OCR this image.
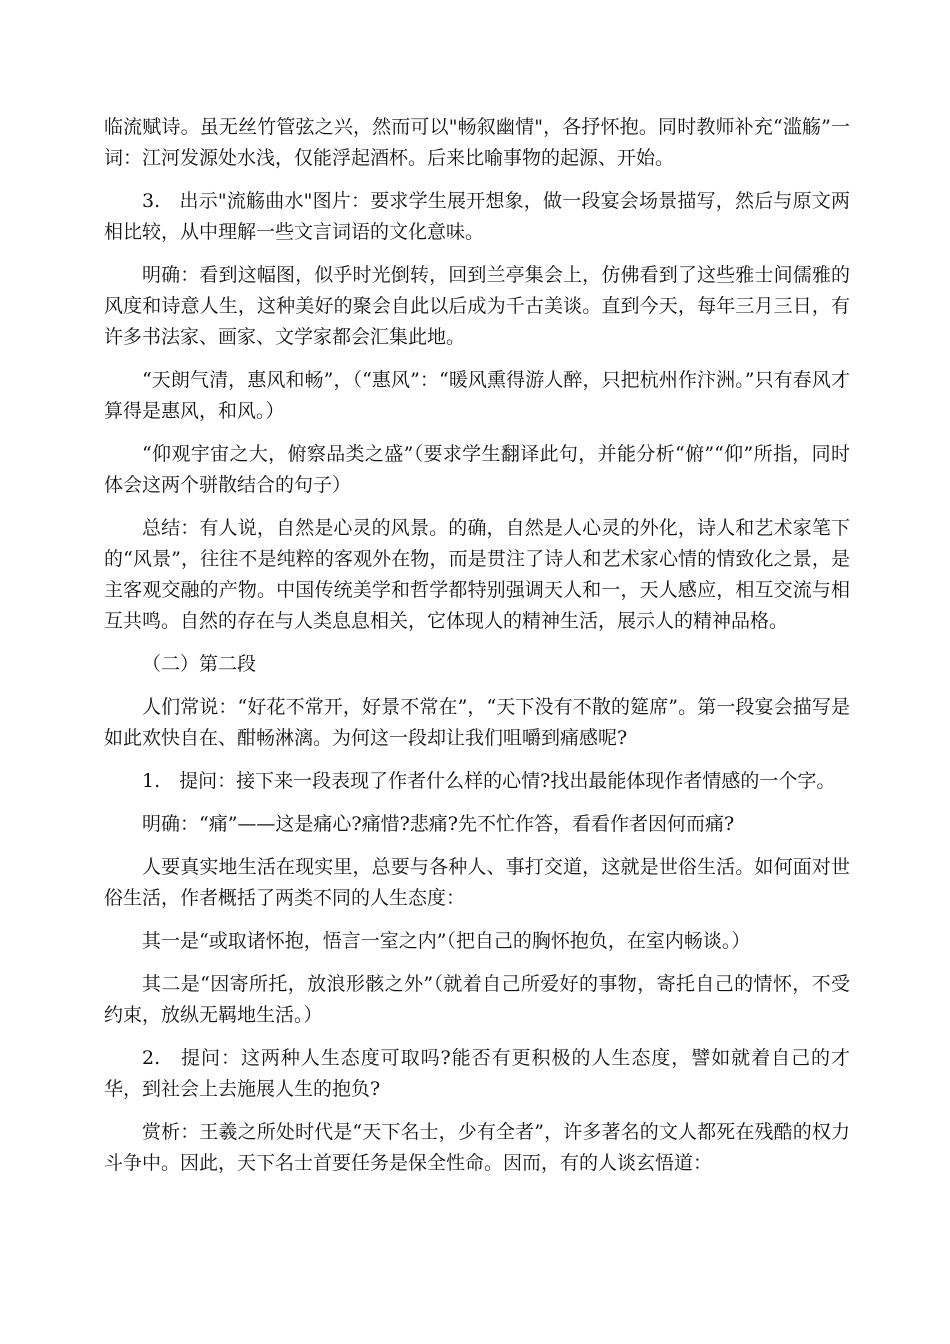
临流赋诗。虽无丝竹管弦之兴，然而可以"畅叙幽情"，各抒怀抱。同时教师补充“滥觞”一词：江河发源处水浅，仅能浮起酒杯。后来比喻事物的起源、开始。

3.　出示"流觞曲水"图片：要求学生展开想象，做一段宴会场景描写，然后与原文两相比较，从中理解一些文言词语的文化意味。

明确：看到这幅图，似乎时光倒转，回到兰亭集会上，仿佛看到了这些雅士间儒雅的风度和诗意人生，这种美好的聚会自此以后成为千古美谈。直到今天，每年三月三日，有许多书法家、画家、文学家都会汇集此地。

“天朗气清，惠风和畅”，（“惠风”：“暖风熏得游人醉，只把杭州作汴洲。”只有春风才算得是惠风，和风。）

“仰观宇宙之大，俯察品类之盛”（要求学生翻译此句，并能分析“俯”“仰”所指，同时体会这两个骈散结合的句子）

总结：有人说，自然是心灵的风景。的确，自然是人心灵的外化，诗人和艺术家笔下的“风景”，往往不是纯粹的客观外在物，而是贯注了诗人和艺术家心情的情致化之景，是主客观交融的产物。中国传统美学和哲学都特别强调天人和一，天人感应，相互交流与相互共鸣。自然的存在与人类息息相关，它体现人的精神生活，展示人的精神品格。

（二）第二段

人们常说：“好花不常开，好景不常在”，“天下没有不散的筵席”。第一段宴会描写是如此欢快自在、酣畅淋漓。为何这一段却让我们咀嚼到痛感呢?

1.　提问：接下来一段表现了作者什么样的心情?找出最能体现作者情感的一个字。

明确：“痛”——这是痛心?痛惜?悲痛?先不忙作答，看看作者因何而痛?

人要真实地生活在现实里，总要与各种人、事打交道，这就是世俗生活。如何面对世俗生活，作者概括了两类不同的人生态度：

其一是“或取诸怀抱，悟言一室之内”（把自己的胸怀抱负，在室内畅谈。）

其二是“因寄所托，放浪形骸之外”（就着自己所爱好的事物，寄托自己的情怀，不受约束，放纵无羁地生活。）

2.　提问：这两种人生态度可取吗?能否有更积极的人生态度，譬如就着自己的才华，到社会上去施展人生的抱负?

赏析：王羲之所处时代是“天下名士，少有全者”，许多著名的文人都死在残酷的权力斗争中。因此，天下名士首要任务是保全性命。因而，有的人谈玄悟道：
